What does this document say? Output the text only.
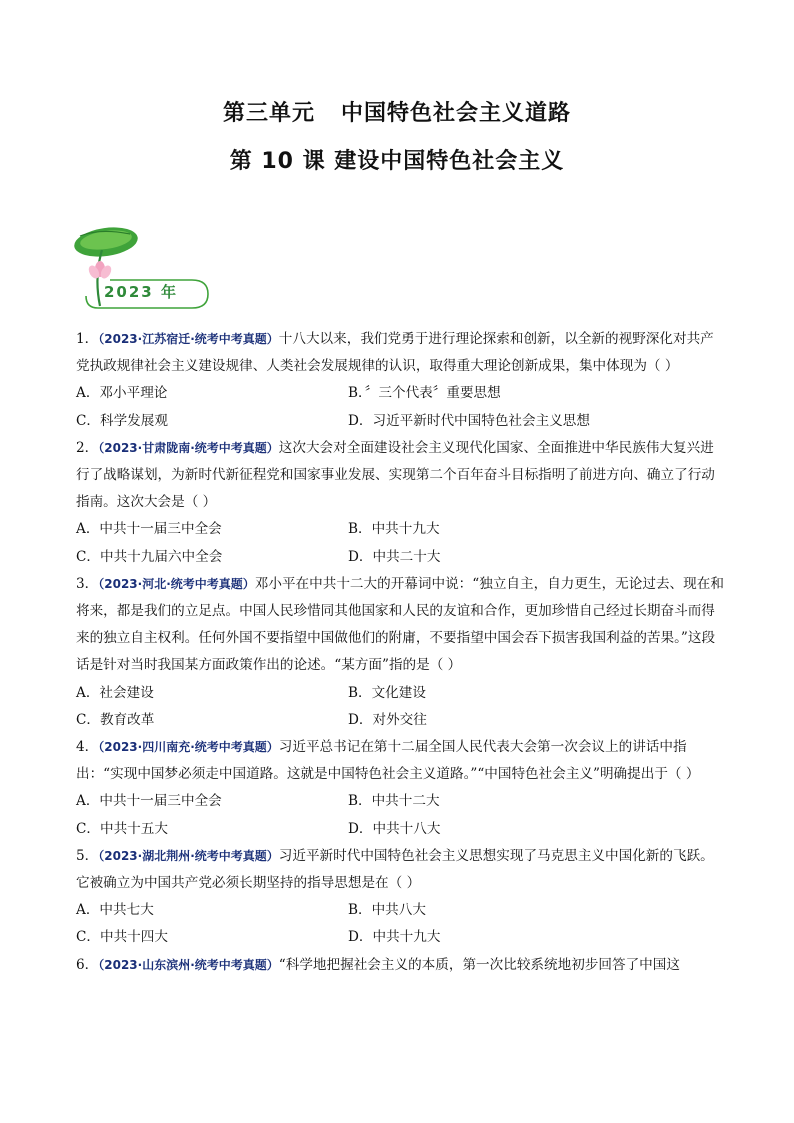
第三单元 中国特色社会主义道路
第 10 课 建设中国特色社会主义
2023 年
1．（2023·江苏宿迁·统考中考真题）十八大以来，我们党勇于进行理论探索和创新，以全新的视野深化对共产党执政规律社会主义建设规律、人类社会发展规律的认识，取得重大理论创新成果，集中体现为（ ）
A．邓小平理论	B．〞三个代表〞重要思想
C．科学发展观	D．习近平新时代中国特色社会主义思想
2．（2023·甘肃陇南·统考中考真题）这次大会对全面建设社会主义现代化国家、全面推进中华民族伟大复兴进行了战略谋划，为新时代新征程党和国家事业发展、实现第二个百年奋斗目标指明了前进方向、确立了行动指南。这次大会是（ ）
A．中共十一届三中全会	B．中共十九大
C．中共十九届六中全会	D．中共二十大
3．（2023·河北·统考中考真题）邓小平在中共十二大的开幕词中说：“独立自主，自力更生，无论过去、现在和将来，都是我们的立足点。中国人民珍惜同其他国家和人民的友谊和合作，更加珍惜自己经过长期奋斗而得来的独立自主权利。任何外国不要指望中国做他们的附庸，不要指望中国会吞下损害我国利益的苦果。”这段话是针对当时我国某方面政策作出的论述。“某方面”指的是（ ）
A．社会建设	B．文化建设
C．教育改革	D．对外交往
4．（2023·四川南充·统考中考真题）习近平总书记在第十二届全国人民代表大会第一次会议上的讲话中指出：“实现中国梦必须走中国道路。这就是中国特色社会主义道路。”“中国特色社会主义”明确提出于（ ）
A．中共十一届三中全会	B．中共十二大
C．中共十五大	D．中共十八大
5．（2023·湖北荆州·统考中考真题）习近平新时代中国特色社会主义思想实现了马克思主义中国化新的飞跃。它被确立为中国共产党必须长期坚持的指导思想是在（ ）
A．中共七大	B．中共八大
C．中共十四大	D．中共十九大
6．（2023·山东滨州·统考中考真题）“科学地把握社会主义的本质，第一次比较系统地初步回答了中国这
